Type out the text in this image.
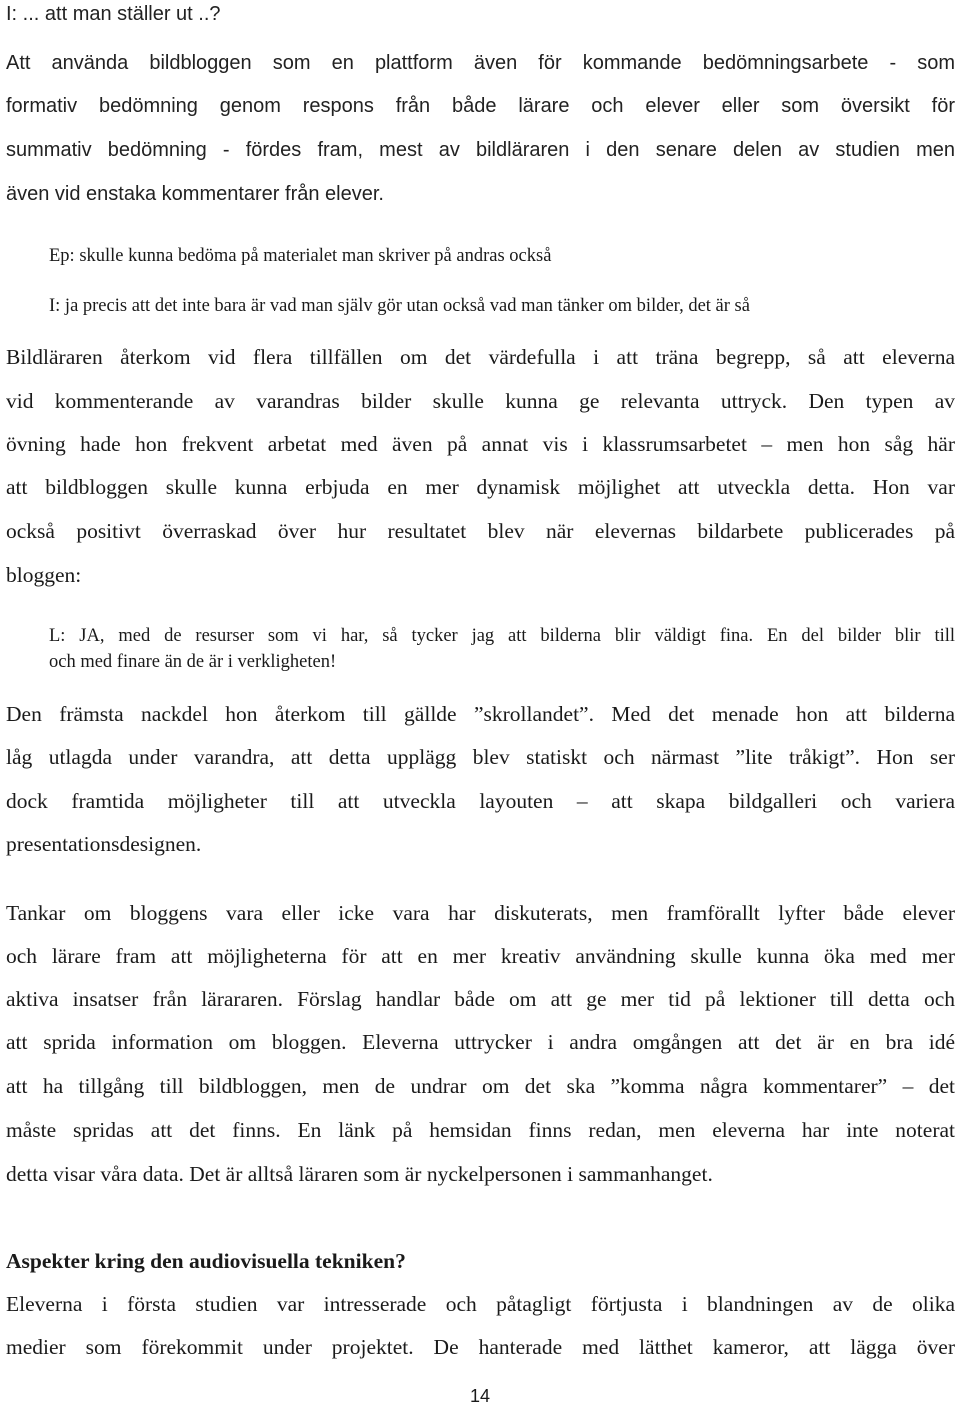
I: ... att man ställer ut ..?
Att använda bildbloggen som en plattform även för kommande bedömningsarbete - som
formativ bedömning genom respons från både lärare och elever eller som översikt för
summativ bedömning - fördes fram, mest av bildläraren i den senare delen av studien men
även vid enstaka kommentarer från elever.
Ep: skulle kunna bedöma på materialet man skriver på andras också
I: ja precis att det inte bara är vad man själv gör utan också vad man tänker om bilder, det är så
Bildläraren återkom vid flera tillfällen om det värdefulla i att träna begrepp, så att eleverna
vid kommenterande av varandras bilder skulle kunna ge relevanta uttryck. Den typen av
övning hade hon frekvent arbetat med även på annat vis i klassrumsarbetet – men hon såg här
att bildbloggen skulle kunna erbjuda en mer dynamisk möjlighet att utveckla detta. Hon var
också positivt överraskad över hur resultatet blev när elevernas bildarbete publicerades på
bloggen:
L: JA, med de resurser som vi har, så tycker jag att bilderna blir väldigt fina. En del bilder blir till
och med finare än de är i verkligheten!
Den främsta nackdel hon återkom till gällde ”skrollandet”. Med det menade hon att bilderna
låg utlagda under varandra, att detta upplägg blev statiskt och närmast ”lite tråkigt”. Hon ser
dock framtida möjligheter till att utveckla layouten – att skapa bildgalleri och variera
presentationsdesignen.
Tankar om bloggens vara eller icke vara har diskuterats, men framförallt lyfter både elever
och lärare fram att möjligheterna för att en mer kreativ användning skulle kunna öka med mer
aktiva insatser från lärararen. Förslag handlar både om att ge mer tid på lektioner till detta och
att sprida information om bloggen. Eleverna uttrycker i andra omgången att det är en bra idé
att ha tillgång till bildbloggen, men de undrar om det ska ”komma några kommentarer” – det
måste spridas att det finns. En länk på hemsidan finns redan, men eleverna har inte noterat
detta visar våra data. Det är alltså läraren som är nyckelpersonen i sammanhanget.
Aspekter kring den audiovisuella tekniken?
Eleverna i första studien var intresserade och påtagligt förtjusta i blandningen av de olika
medier som förekommit under projektet. De hanterade med lätthet kameror, att lägga över
14
